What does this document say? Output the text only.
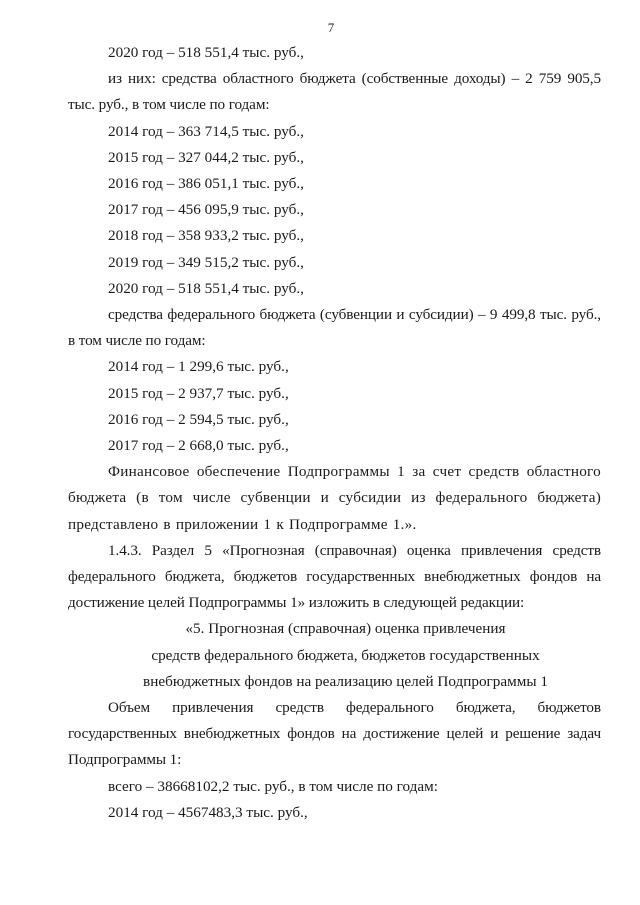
7

2020 год – 518 551,4 тыс. руб.,

из них: средства областного бюджета (собственные доходы) – 2 759 905,5 тыс. руб., в том числе по годам:

2014 год – 363 714,5 тыс. руб.,

2015 год – 327 044,2 тыс. руб.,

2016 год – 386 051,1 тыс. руб.,

2017 год – 456 095,9 тыс. руб.,

2018 год – 358 933,2 тыс. руб.,

2019 год – 349 515,2 тыс. руб.,

2020 год – 518 551,4 тыс. руб.,

средства федерального бюджета (субвенции и субсидии) – 9 499,8 тыс. руб., в том числе по годам:

2014 год – 1 299,6 тыс. руб.,

2015 год – 2 937,7 тыс. руб.,

2016 год – 2 594,5 тыс. руб.,

2017 год – 2 668,0 тыс. руб.,

Финансовое обеспечение Подпрограммы 1 за счет средств областного бюджета (в том числе субвенции и субсидии из федерального бюджета) представлено в приложении 1 к Подпрограмме 1.».

1.4.3. Раздел 5 «Прогнозная (справочная) оценка привлечения средств федерального бюджета, бюджетов государственных внебюджетных фондов на достижение целей Подпрограммы 1» изложить в следующей редакции:

«5. Прогнозная (справочная) оценка привлечения

средств федерального бюджета, бюджетов государственных

внебюджетных фондов на реализацию целей Подпрограммы 1

Объем привлечения средств федерального бюджета, бюджетов государственных внебюджетных фондов на достижение целей и решение задач Подпрограммы 1:

всего – 38668102,2 тыс. руб., в том числе по годам:

2014 год – 4567483,3 тыс. руб.,
